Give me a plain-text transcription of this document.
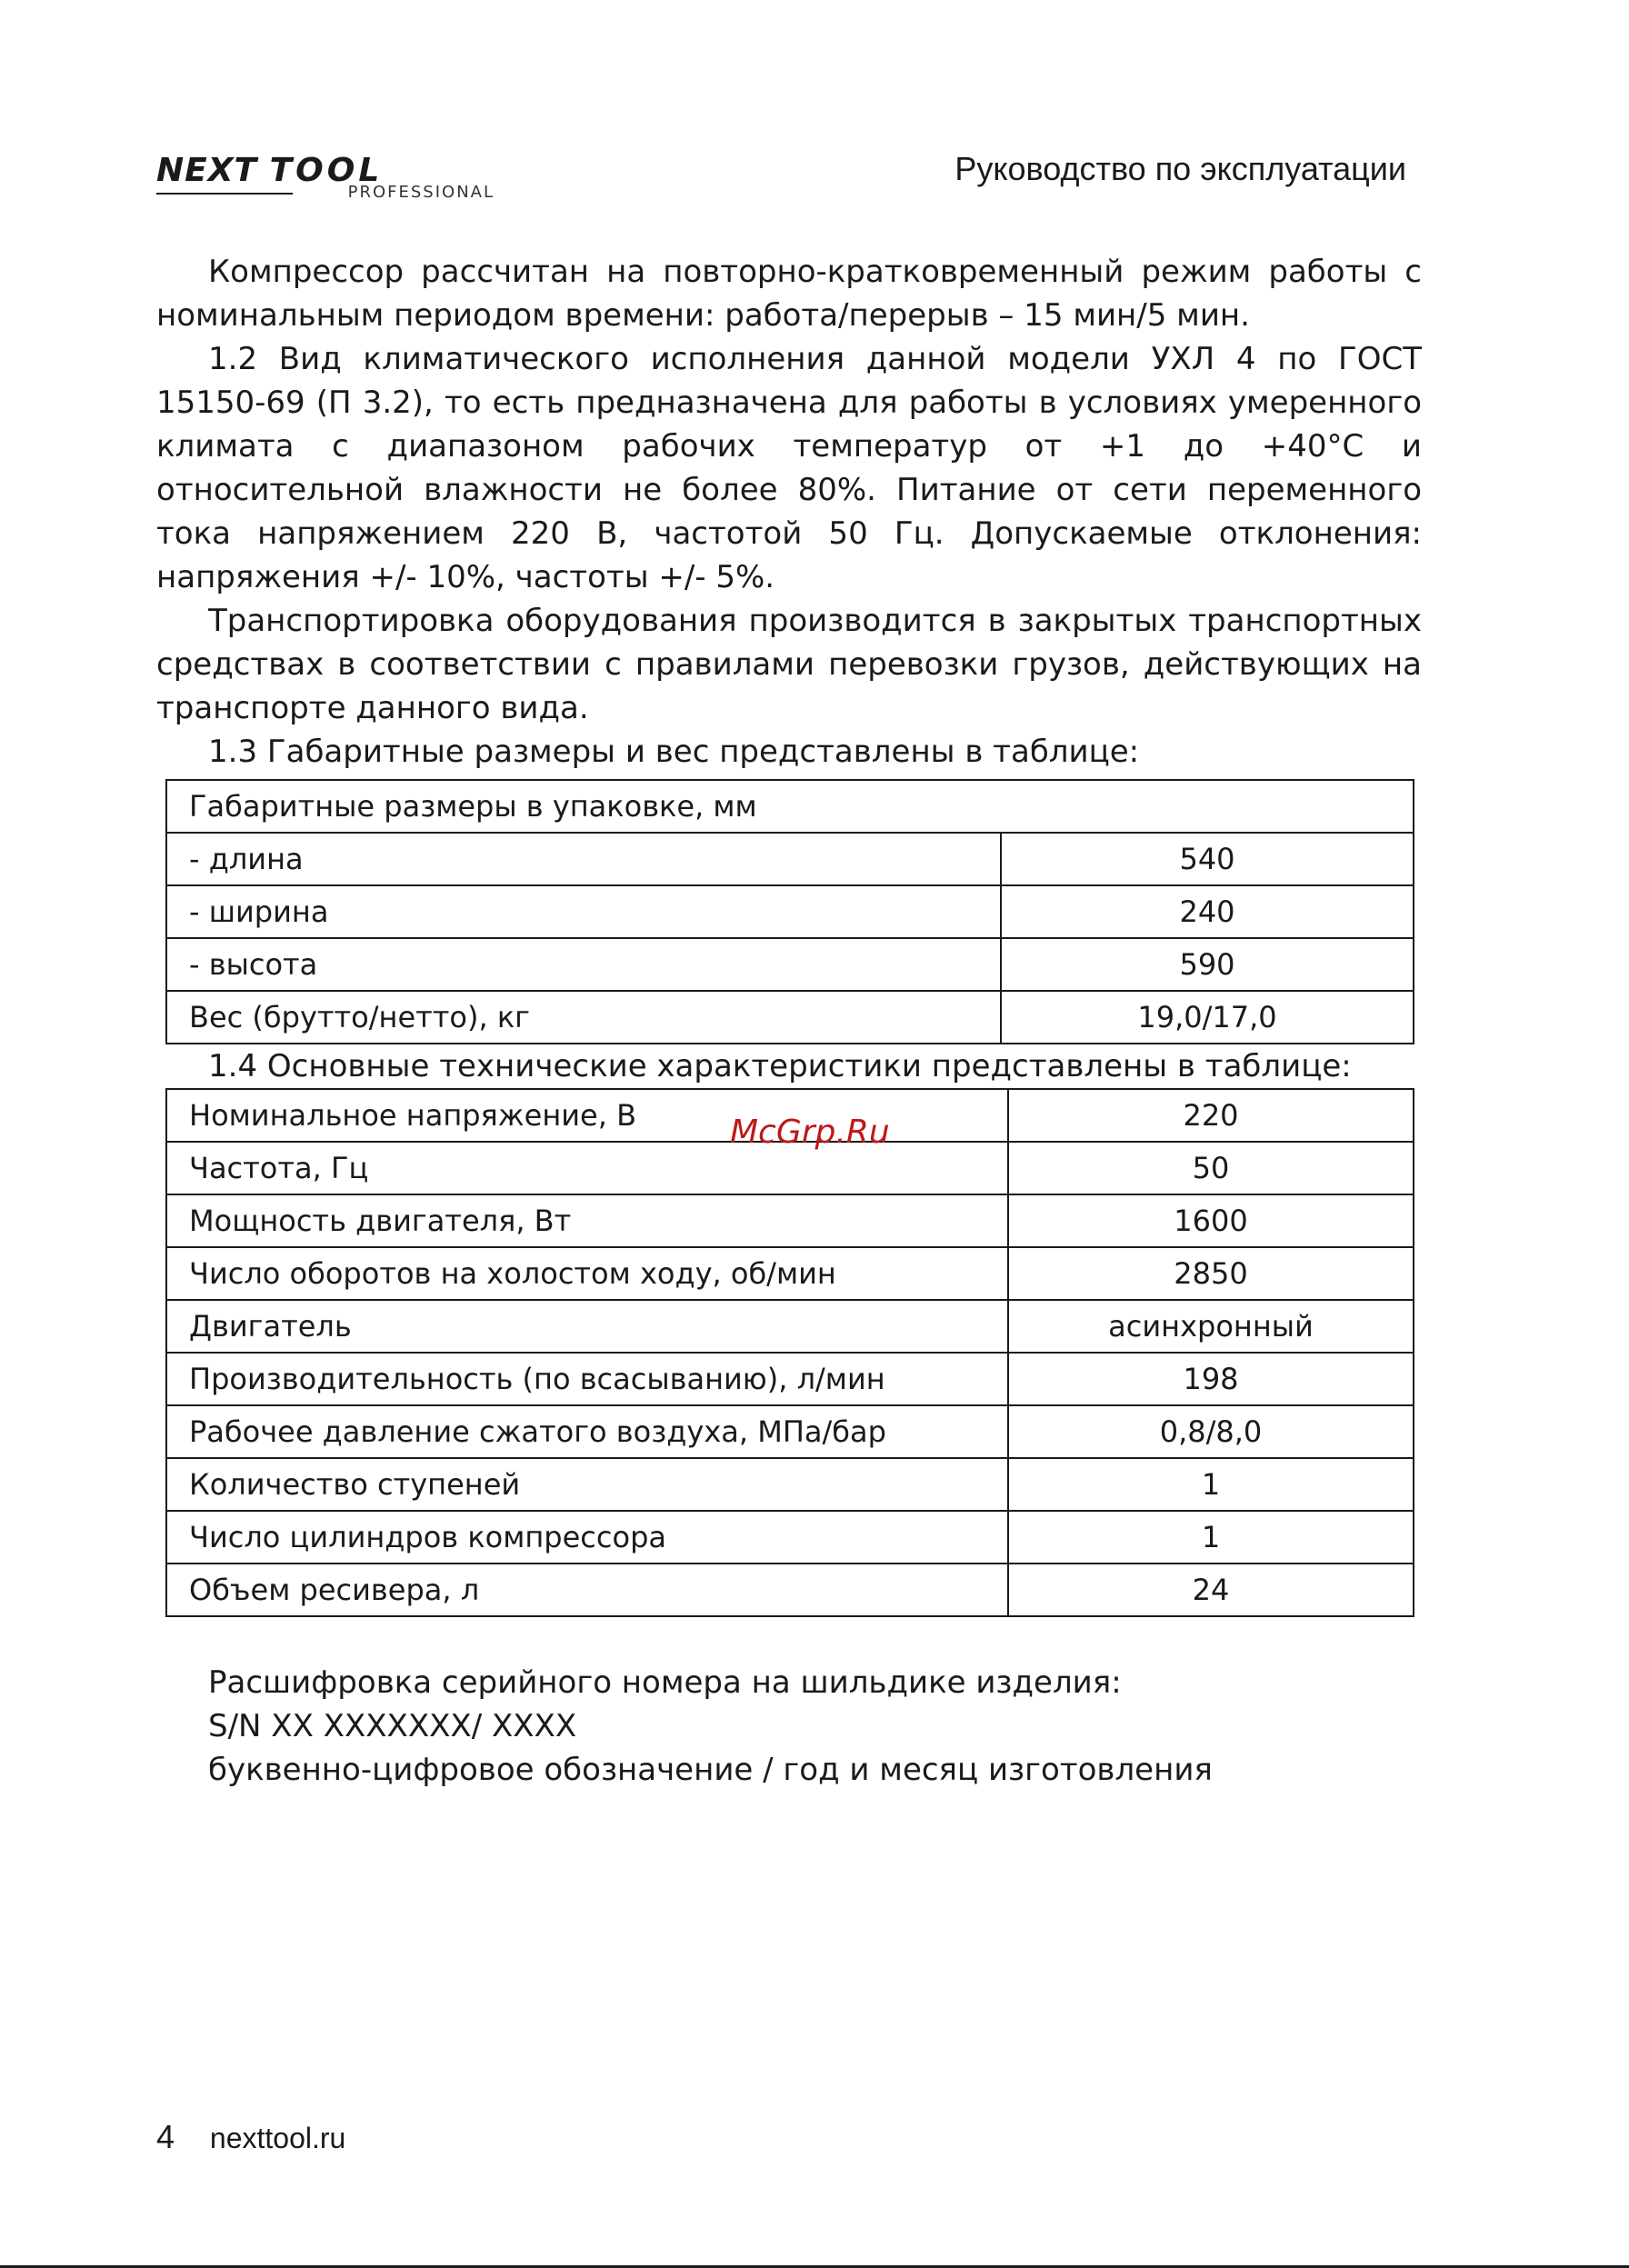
NEXT TOOL
PROFESSIONAL
Руководство по эксплуатации

Компрессор рассчитан на повторно-кратковременный режим работы с номинальным периодом времени: работа/перерыв – 15 мин/5 мин.

1.2 Вид климатического исполнения данной модели УХЛ 4 по ГОСТ 15150-69 (П 3.2), то есть предназначена для работы в условиях умеренного климата с диапазоном рабочих температур от +1 до +40°С и относительной влажности не более 80%. Питание от сети переменного тока напряжением 220 В, частотой 50 Гц. Допускаемые отклонения: напряжения +/- 10%, частоты +/- 5%.

Транспортировка оборудования производится в закрытых транспортных средствах в соответствии с правилами перевозки грузов, действующих на транспорте данного вида.

1.3 Габаритные размеры и вес представлены в таблице:

Габаритные размеры в упаковке, мм	
- длина	540
- ширина	240
- высота	590
Вес (брутто/нетто), кг	19,0/17,0

1.4 Основные технические характеристики представлены в таблице:

Номинальное напряжение, В	220
Частота, Гц	50
Мощность двигателя, Вт	1600
Число оборотов на холостом ходу, об/мин	2850
Двигатель	асинхронный
Производительность (по всасыванию), л/мин	198
Рабочее давление сжатого воздуха, МПа/бар	0,8/8,0
Количество ступеней	1
Число цилиндров компрессора	1
Объем ресивера, л	24
Расшифровка серийного номера на шильдике изделия:
S/N XX XXXXXXX/ XXXX
буквенно-цифровое обозначение / год и месяц изготовления
McGrp.Ru
4 nexttool.ru
